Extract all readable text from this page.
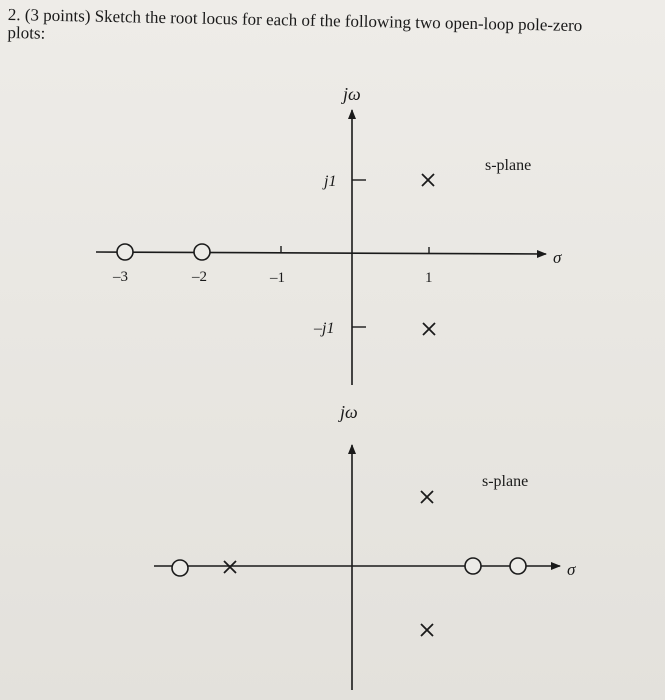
2. (3 points) Sketch the root locus for each of the following two open-loop pole-zero plots:
jω
σ
s-plane
–3	–2	–1	1
j1
–j1
jω
σ
s-plane
